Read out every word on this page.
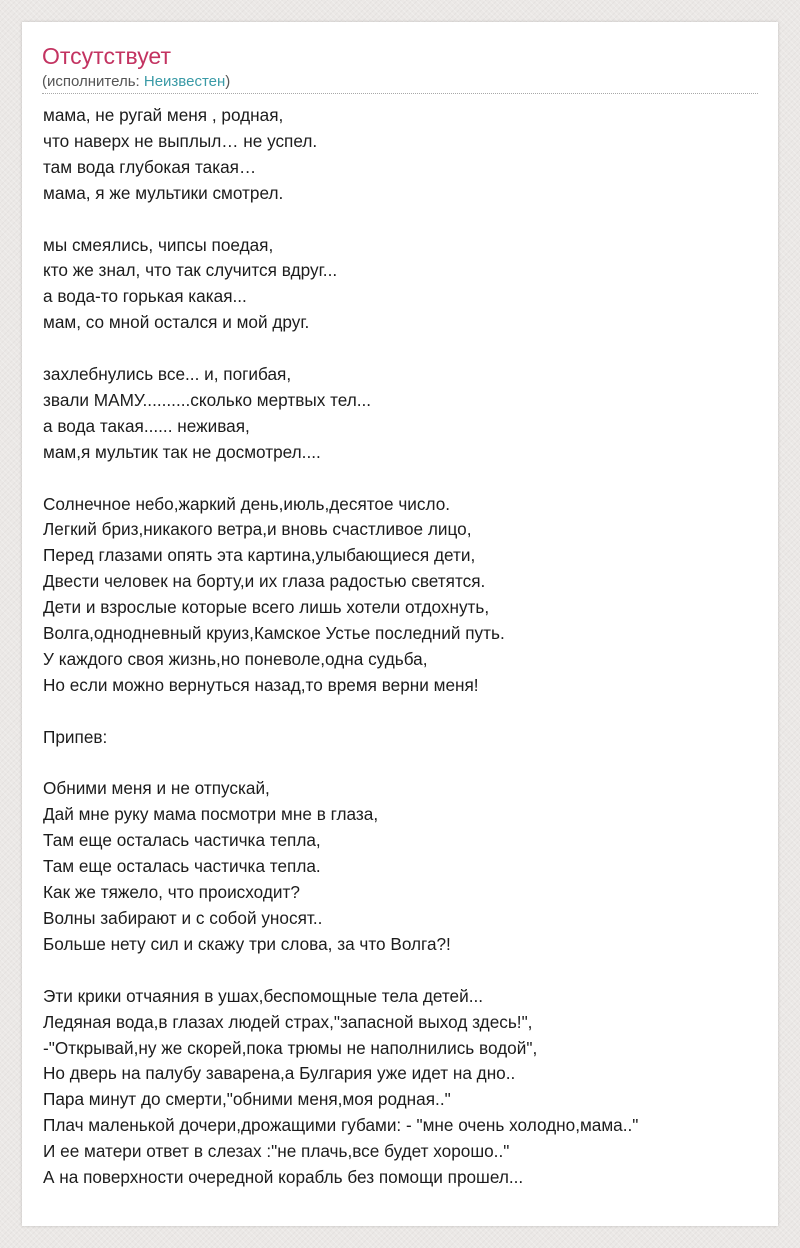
Отсутствует
(исполнитель: Неизвестен)
мама, не ругай меня , родная,
что наверх не выплыл… не успел.
там вода глубокая такая…
мама, я же мультики смотрел.
мы смеялись, чипсы поедая,
кто же знал, что так случится вдруг...
а вода-то горькая какая...
мам, со мной остался и мой друг.
захлебнулись все... и, погибая,
звали МАМУ..........сколько мертвых тел...
а вода такая...... неживая,
мам,я мультик так не досмотрел....
Солнечное небо,жаркий день,июль,десятое число.
Легкий бриз,никакого ветра,и вновь счастливое лицо,
Перед глазами опять эта картина,улыбающиеся дети,
Двести человек на борту,и их глаза радостью светятся.
Дети и взрослые которые всего лишь хотели отдохнуть,
Волга,однодневный круиз,Камское Устье последний путь.
У каждого своя жизнь,но поневоле,одна судьба,
Но если можно вернуться назад,то время верни меня!
Припев:
Обними меня и не отпускай,
Дай мне руку мама посмотри мне в глаза,
Там еще осталась частичка тепла,
Там еще осталась частичка тепла.
Как же тяжело, что происходит?
Волны забирают и с собой уносят..
Больше нету сил и скажу три слова, за что Волга?!
Эти крики отчаяния в ушах,беспомощные тела детей...
Ледяная вода,в глазах людей страх,"запасной выход здесь!",
-"Открывай,ну же скорей,пока трюмы не наполнились водой",
Но дверь на палубу заварена,а Булгария уже идет на дно..
Пара минут до смерти,"обними меня,моя родная.."
Плач маленькой дочери,дрожащими губами: - "мне очень холодно,мама.."
И ее матери ответ в слезах :"не плачь,все будет хорошо.."
А на поверхности очередной корабль без помощи прошел...
